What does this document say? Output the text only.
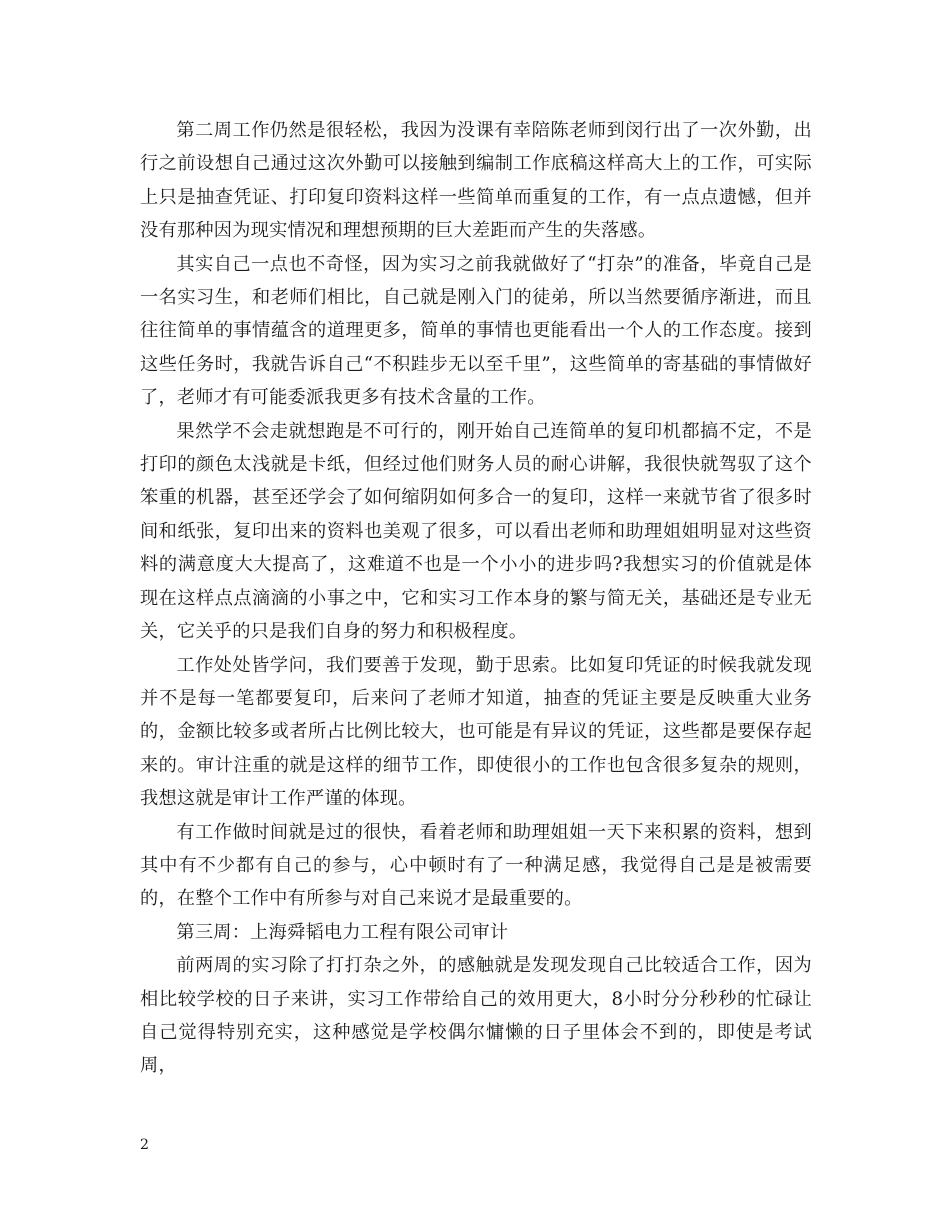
第二周工作仍然是很轻松，我因为没课有幸陪陈老师到闵行出了一次外勤，出行之前设想自己通过这次外勤可以接触到编制工作底稿这样高大上的工作，可实际上只是抽查凭证、打印复印资料这样一些简单而重复的工作，有一点点遗憾，但并没有那种因为现实情况和理想预期的巨大差距而产生的失落感。

其实自己一点也不奇怪，因为实习之前我就做好了“打杂”的准备，毕竟自己是一名实习生，和老师们相比，自己就是刚入门的徒弟，所以当然要循序渐进，而且往往简单的事情蕴含的道理更多，简单的事情也更能看出一个人的工作态度。接到这些任务时，我就告诉自己“不积跬步无以至千里”，这些简单的寄基础的事情做好了，老师才有可能委派我更多有技术含量的工作。

果然学不会走就想跑是不可行的，刚开始自己连简单的复印机都搞不定，不是打印的颜色太浅就是卡纸，但经过他们财务人员的耐心讲解，我很快就驾驭了这个笨重的机器，甚至还学会了如何缩阴如何多合一的复印，这样一来就节省了很多时间和纸张，复印出来的资料也美观了很多，可以看出老师和助理姐姐明显对这些资料的满意度大大提高了，这难道不也是一个小小的进步吗?我想实习的价值就是体现在这样点点滴滴的小事之中，它和实习工作本身的繁与简无关，基础还是专业无关，它关乎的只是我们自身的努力和积极程度。

工作处处皆学问，我们要善于发现，勤于思索。比如复印凭证的时候我就发现并不是每一笔都要复印，后来问了老师才知道，抽查的凭证主要是反映重大业务的，金额比较多或者所占比例比较大，也可能是有异议的凭证，这些都是要保存起来的。审计注重的就是这样的细节工作，即使很小的工作也包含很多复杂的规则，我想这就是审计工作严谨的体现。

有工作做时间就是过的很快，看着老师和助理姐姐一天下来积累的资料，想到其中有不少都有自己的参与，心中顿时有了一种满足感，我觉得自己是是被需要的，在整个工作中有所参与对自己来说才是最重要的。

第三周：上海舜韬电力工程有限公司审计

前两周的实习除了打打杂之外，的感触就是发现发现自己比较适合工作，因为相比较学校的日子来讲，实习工作带给自己的效用更大，8小时分分秒秒的忙碌让自己觉得特别充实，这种感觉是学校偶尔慵懒的日子里体会不到的，即使是考试周，

2
